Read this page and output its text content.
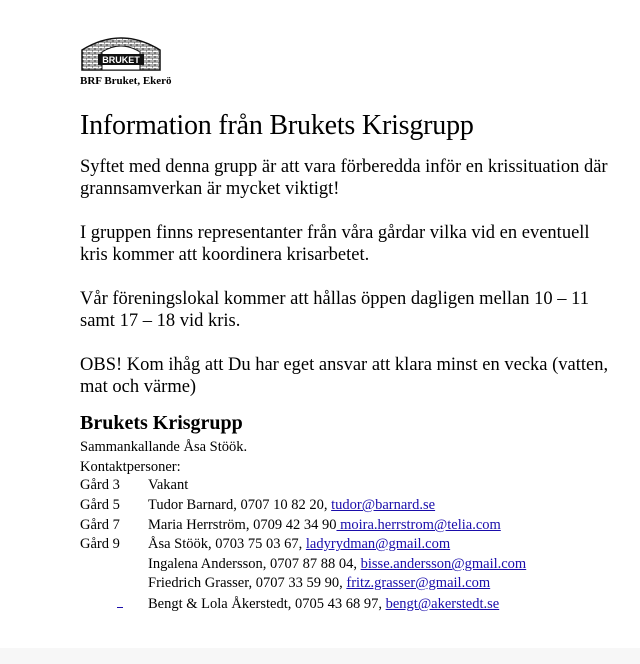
BRUKET
BRF Bruket, Ekerö
Information från Brukets Krisgrupp
Syftet med denna grupp är att vara förberedda inför en krissituation där grannsamverkan är mycket viktigt!
I gruppen finns representanter från våra gårdar vilka vid en eventuell kris kommer att koordinera krisarbetet.
Vår föreningslokal kommer att hållas öppen dagligen mellan 10 – 11 samt 17 – 18 vid kris.
OBS! Kom ihåg att Du har eget ansvar att klara minst en vecka (vatten, mat och värme)
Brukets Krisgrupp
Sammankallande Åsa Stöök.
Kontaktpersoner:
Gård 3 Vakant
Gård 5 Tudor Barnard, 0707 10 82 20, tudor@barnard.se
Gård 7 Maria Herrström, 0709 42 34 90 moira.herrstrom@telia.com
Gård 9 Åsa Stöök, 0703 75 03 67, ladyrydman@gmail.com
Ingalena Andersson, 0707 87 88 04, bisse.andersson@gmail.com
Friedrich Grasser, 0707 33 59 90, fritz.grasser@gmail.com
Bengt & Lola Åkerstedt, 0705 43 68 97, bengt@akerstedt.se
